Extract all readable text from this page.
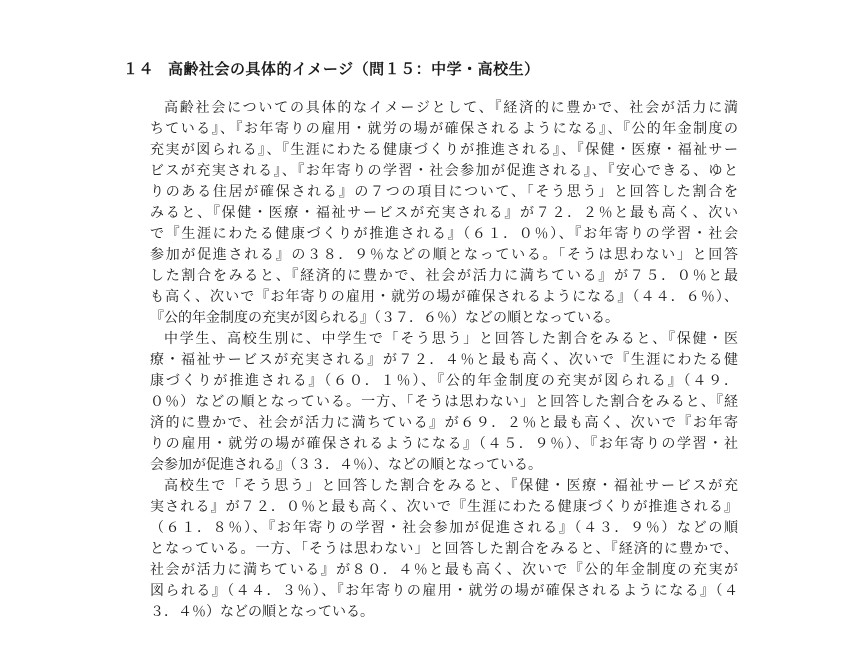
１４ 高齢社会の具体的イメージ（問１５：中学・高校生）
高齢社会についての具体的なイメージとして、『経済的に豊かで、社会が活力に満
ちている』、『お年寄りの雇用・就労の場が確保されるようになる』、『公的年金制度の
充実が図られる』、『生涯にわたる健康づくりが推進される』、『保健・医療・福祉サー
ビスが充実される』、『お年寄りの学習・社会参加が促進される』、『安心できる、ゆと
りのある住居が確保される』の７つの項目について、「そう思う」と回答した割合を
みると、『保健・医療・福祉サービスが充実される』が７２．２％と最も高く、次い
で『生涯にわたる健康づくりが推進される』（６１．０％）、『お年寄りの学習・社会
参加が促進される』の３８．９％などの順となっている。「そうは思わない」と回答
した割合をみると、『経済的に豊かで、社会が活力に満ちている』が７５．０％と最
も高く、次いで『お年寄りの雇用・就労の場が確保されるようになる』（４４．６％）、
『公的年金制度の充実が図られる』（３７．６％）などの順となっている。
中学生、高校生別に、中学生で「そう思う」と回答した割合をみると、『保健・医
療・福祉サービスが充実される』が７２．４％と最も高く、次いで『生涯にわたる健
康づくりが推進される』（６０．１％）、『公的年金制度の充実が図られる』（４９．
０％）などの順となっている。一方、「そうは思わない」と回答した割合をみると、『経
済的に豊かで、社会が活力に満ちている』が６９．２％と最も高く、次いで『お年寄
りの雇用・就労の場が確保されるようになる』（４５．９％）、『お年寄りの学習・社
会参加が促進される』（３３．４％）、などの順となっている。
高校生で「そう思う」と回答した割合をみると、『保健・医療・福祉サービスが充
実される』が７２．０％と最も高く、次いで『生涯にわたる健康づくりが推進される』
（６１．８％）、『お年寄りの学習・社会参加が促進される』（４３．９％）などの順
となっている。一方、「そうは思わない」と回答した割合をみると、『経済的に豊かで、
社会が活力に満ちている』が８０．４％と最も高く、次いで『公的年金制度の充実が
図られる』（４４．３％）、『お年寄りの雇用・就労の場が確保されるようになる』（４
３．４％）などの順となっている。
